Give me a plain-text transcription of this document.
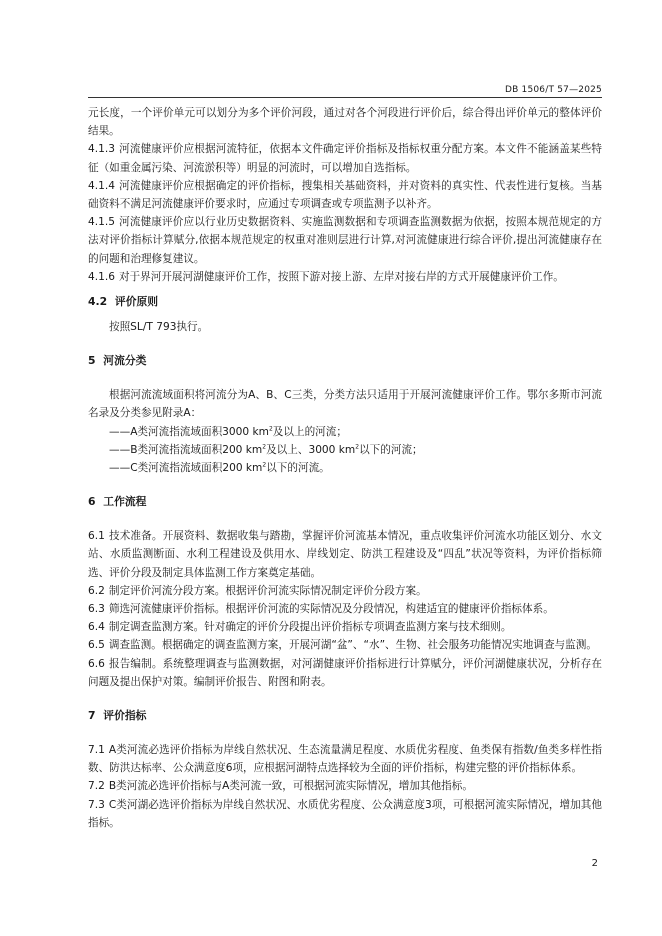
DB 1506/T 57—2025

元长度，一个评价单元可以划分为多个评价河段，通过对各个河段进行评价后，综合得出评价单元的整体评价结果。

4.1.3 河流健康评价应根据河流特征，依据本文件确定评价指标及指标权重分配方案。本文件不能涵盖某些特征（如重金属污染、河流淤积等）明显的河流时，可以增加自选指标。

4.1.4 河流健康评价应根据确定的评价指标，搜集相关基础资料，并对资料的真实性、代表性进行复核。当基础资料不满足河流健康评价要求时，应通过专项调查或专项监测予以补齐。

4.1.5 河流健康评价应以行业历史数据资料、实施监测数据和专项调查监测数据为依据，按照本规范规定的方法对评价指标计算赋分,依据本规范规定的权重对准则层进行计算,对河流健康进行综合评价,提出河流健康存在的问题和治理修复建议。

4.1.6 对于界河开展河湖健康评价工作，按照下游对接上游、左岸对接右岸的方式开展健康评价工作。

4.2 评价原则

按照SL/T 793执行。

5 河流分类

根据河流流域面积将河流分为A、B、C三类，分类方法只适用于开展河流健康评价工作。鄂尔多斯市河流名录及分类参见附录A：

——A类河流指流域面积3000 $km^2$及以上的河流；

——B类河流指流域面积200 $km^2$及以上、3000 $km^2$以下的河流；

——C类河流指流域面积200 $km^2$以下的河流。

6 工作流程

6.1 技术准备。开展资料、数据收集与踏勘，掌握评价河流基本情况，重点收集评价河流水功能区划分、水文站、水质监测断面、水利工程建设及供用水、岸线划定、防洪工程建设及“四乱”状况等资料，为评价指标筛选、评价分段及制定具体监测工作方案奠定基础。

6.2 制定评价河流分段方案。根据评价河流实际情况制定评价分段方案。

6.3 筛选河流健康评价指标。根据评价河流的实际情况及分段情况，构建适宜的健康评价指标体系。

6.4 制定调查监测方案。针对确定的评价分段提出评价指标专项调查监测方案与技术细则。

6.5 调查监测。根据确定的调查监测方案，开展河湖“盆”、“水”、生物、社会服务功能情况实地调查与监测。

6.6 报告编制。系统整理调查与监测数据，对河湖健康评价指标进行计算赋分，评价河湖健康状况，分析存在问题及提出保护对策。编制评价报告、附图和附表。

7 评价指标

7.1 A类河流必选评价指标为岸线自然状况、生态流量满足程度、水质优劣程度、鱼类保有指数/鱼类多样性指数、防洪达标率、公众满意度6项，应根据河湖特点选择较为全面的评价指标，构建完整的评价指标体系。

7.2 B类河流必选评价指标与A类河流一致，可根据河流实际情况，增加其他指标。

7.3 C类河湖必选评价指标为岸线自然状况、水质优劣程度、公众满意度3项，可根据河流实际情况，增加其他指标。

2
